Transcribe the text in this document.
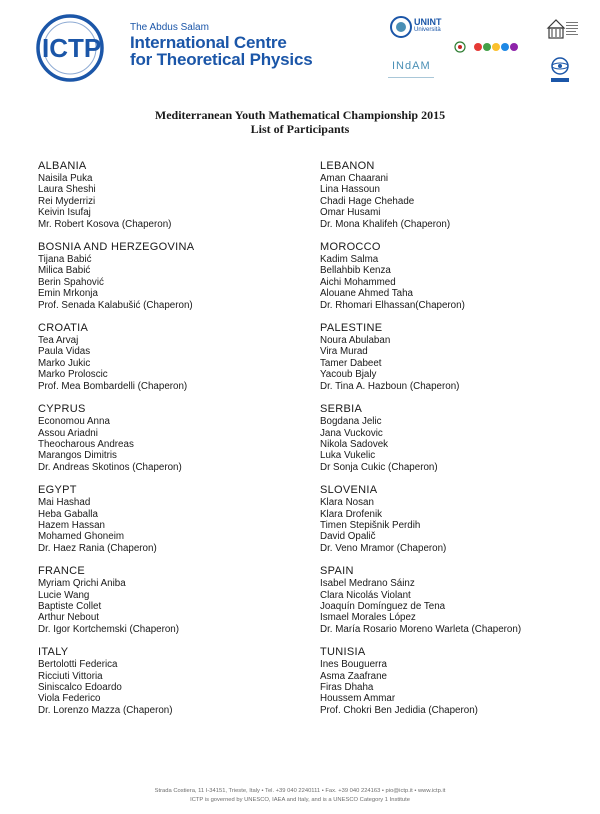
ICTP
The Abdus Salam
International Centre
for Theoretical Physics
UNINT
Università
INdAM
Mediterranean Youth Mathematical Championship 2015
List of Participants
ALBANIA
Naisila Puka
Laura Sheshi
Rei Myderrizi
Keivin Isufaj
Mr. Robert Kosova (Chaperon)
BOSNIA AND HERZEGOVINA
Tijana Babić
Milica Babić
Berin Spahović
Emin Mrkonja
Prof. Senada Kalabušić (Chaperon)
CROATIA
Tea Arvaj
Paula Vidas
Marko Jukic
Marko Proloscic
Prof. Mea Bombardelli (Chaperon)
CYPRUS
Economou Anna
Assou Ariadni
Theocharous Andreas
Marangos Dimitris
Dr. Andreas Skotinos (Chaperon)
EGYPT
Mai Hashad
Heba Gaballa
Hazem Hassan
Mohamed Ghoneim
Dr. Haez Rania (Chaperon)
FRANCE
Myriam Qrichi Aniba
Lucie Wang
Baptiste Collet
Arthur Nebout
Dr. Igor Kortchemski (Chaperon)
ITALY
Bertolotti Federica
Ricciuti Vittoria
Siniscalco Edoardo
Viola Federico
Dr. Lorenzo Mazza (Chaperon)
LEBANON
Aman Chaarani
Lina Hassoun
Chadi Hage Chehade
Omar Husami
Dr. Mona Khalifeh (Chaperon)
MOROCCO
Kadim Salma
Bellahbib Kenza
Aichi Mohammed
Alouane Ahmed Taha
Dr. Rhomari Elhassan(Chaperon)
PALESTINE
Noura Abulaban
Vira Murad
Tamer Dabeet
Yacoub Bjaly
Dr. Tina A. Hazboun (Chaperon)
SERBIA
Bogdana Jelic
Jana Vuckovic
Nikola Sadovek
Luka Vukelic
Dr Sonja Cukic (Chaperon)
SLOVENIA
Klara Nosan
Klara Drofenik
Timen Stepišnik Perdih
David Opalič
Dr. Veno Mramor (Chaperon)
SPAIN
Isabel Medrano Sáinz
Clara Nicolás Violant
Joaquín Domínguez de Tena
Ismael Morales López
Dr. María Rosario Moreno Warleta (Chaperon)
TUNISIA
Ines Bouguerra
Asma Zaafrane
Firas Dhaha
Houssem Ammar
Prof. Chokri Ben Jedidia (Chaperon)
Strada Costiera, 11 I-34151, Trieste, Italy • Tel. +39 040 2240111 • Fax. +39 040 224163 • pio@ictp.it • www.ictp.it
ICTP is governed by UNESCO, IAEA and Italy, and is a UNESCO Category 1 Institute
